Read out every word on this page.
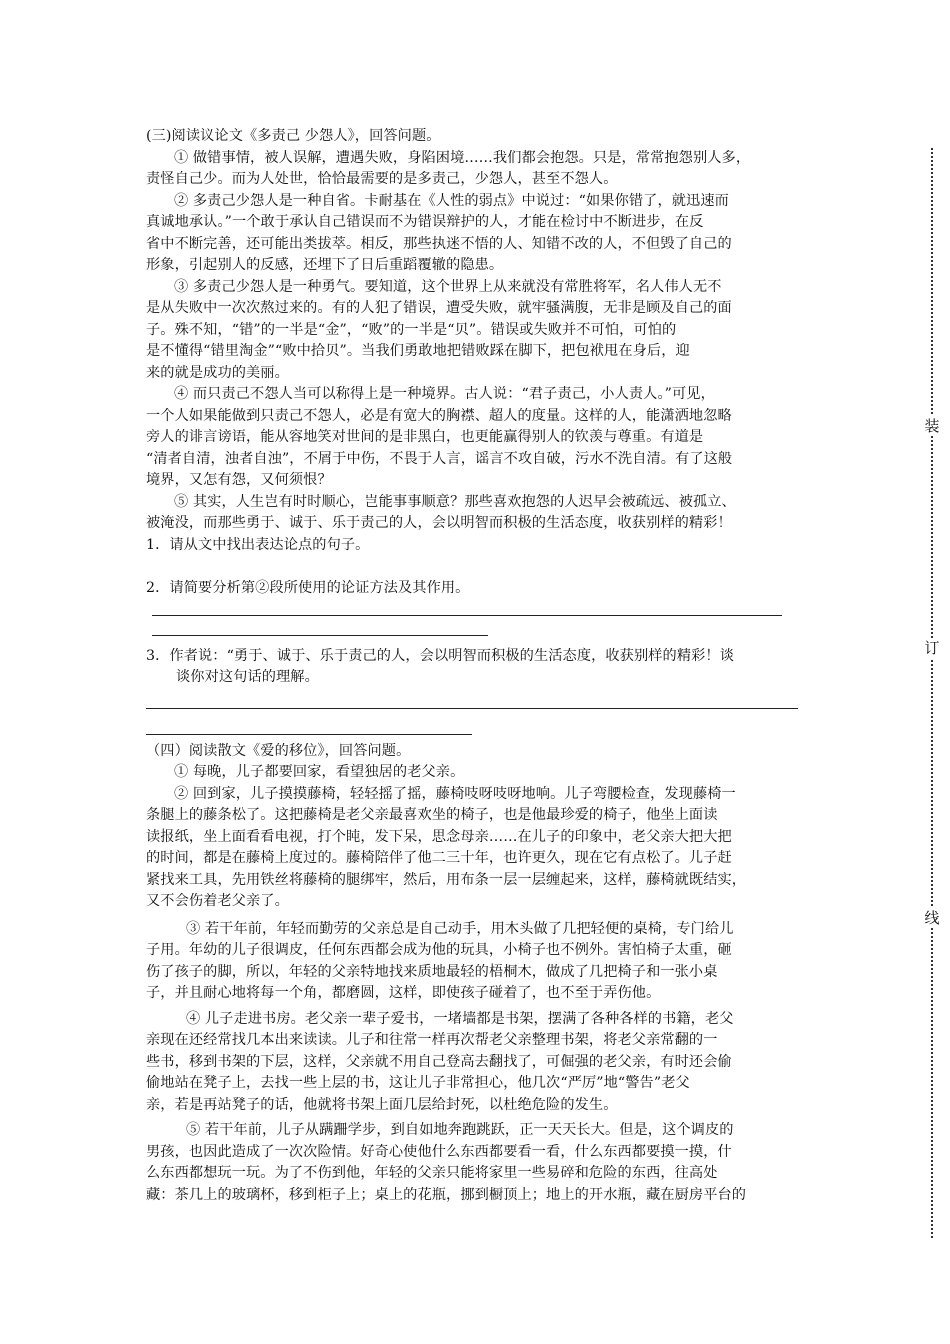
(三)阅读议论文《多责己 少怨人》，回答问题。
① 做错事情，被人误解，遭遇失败，身陷困境……我们都会抱怨。只是，常常抱怨别人多，
责怪自己少。而为人处世，恰恰最需要的是多责己，少怨人，甚至不怨人。
② 多责己少怨人是一种自省。卡耐基在《人性的弱点》中说过：“如果你错了，就迅速而
真诚地承认。”一个敢于承认自己错误而不为错误辩护的人，才能在检讨中不断进步，在反
省中不断完善，还可能出类拔萃。相反，那些执迷不悟的人、知错不改的人，不但毁了自己的
形象，引起别人的反感，还埋下了日后重蹈覆辙的隐患。
③ 多责己少怨人是一种勇气。要知道，这个世界上从来就没有常胜将军，名人伟人无不
是从失败中一次次熬过来的。有的人犯了错误，遭受失败，就牢骚满腹，无非是顾及自己的面
子。殊不知，“错”的一半是“金”，“败”的一半是“贝”。错误或失败并不可怕，可怕的
是不懂得“错里淘金”“败中拾贝”。当我们勇敢地把错败踩在脚下，把包袱甩在身后，迎
来的就是成功的美丽。
④ 而只责己不怨人当可以称得上是一种境界。古人说：“君子责己，小人责人。”可见，
一个人如果能做到只责己不怨人，必是有宽大的胸襟、超人的度量。这样的人，能潇洒地忽略
旁人的诽言谤语，能从容地笑对世间的是非黑白，也更能赢得别人的钦羡与尊重。有道是
“清者自清，浊者自浊”，不屑于中伤，不畏于人言，谣言不攻自破，污水不洗自清。有了这般
境界，又怎有怨，又何须恨？
⑤ 其实，人生岂有时时顺心，岂能事事顺意？那些喜欢抱怨的人迟早会被疏远、被孤立、
被淹没，而那些勇于、诚于、乐于责己的人，会以明智而积极的生活态度，收获别样的精彩！
1．请从文中找出表达论点的句子。
2．请简要分析第②段所使用的论证方法及其作用。
3．作者说：“勇于、诚于、乐于责己的人，会以明智而积极的生活态度，收获别样的精彩！谈
谈你对这句话的理解。
（四）阅读散文《爱的移位》，回答问题。
① 每晚，儿子都要回家，看望独居的老父亲。
② 回到家，儿子摸摸藤椅，轻轻摇了摇，藤椅吱呀吱呀地响。儿子弯腰检查，发现藤椅一
条腿上的藤条松了。这把藤椅是老父亲最喜欢坐的椅子，也是他最珍爱的椅子，他坐上面读
读报纸，坐上面看看电视，打个盹，发下呆，思念母亲……在儿子的印象中，老父亲大把大把
的时间，都是在藤椅上度过的。藤椅陪伴了他二三十年，也许更久，现在它有点松了。儿子赶
紧找来工具，先用铁丝将藤椅的腿绑牢，然后，用布条一层一层缠起来，这样，藤椅就既结实，
又不会伤着老父亲了。
③ 若干年前，年轻而勤劳的父亲总是自己动手，用木头做了几把轻便的桌椅，专门给儿
子用。年幼的儿子很调皮，任何东西都会成为他的玩具，小椅子也不例外。害怕椅子太重，砸
伤了孩子的脚，所以，年轻的父亲特地找来质地最轻的梧桐木，做成了几把椅子和一张小桌
子，并且耐心地将每一个角，都磨圆，这样，即使孩子碰着了，也不至于弄伤他。
④ 儿子走进书房。老父亲一辈子爱书，一堵墙都是书架，摆满了各种各样的书籍，老父
亲现在还经常找几本出来读读。儿子和往常一样再次帮老父亲整理书架，将老父亲常翻的一
些书，移到书架的下层，这样，父亲就不用自己登高去翻找了，可倔强的老父亲，有时还会偷
偷地站在凳子上，去找一些上层的书，这让儿子非常担心，他几次“严厉”地“警告”老父
亲，若是再站凳子的话，他就将书架上面几层给封死，以杜绝危险的发生。
⑤ 若干年前，儿子从蹒跚学步，到自如地奔跑跳跃，正一天天长大。但是，这个调皮的
男孩，也因此造成了一次次险情。好奇心使他什么东西都要看一看，什么东西都要摸一摸，什
么东西都想玩一玩。为了不伤到他，年轻的父亲只能将家里一些易碎和危险的东西，往高处
藏：茶几上的玻璃杯，移到柜子上；桌上的花瓶，挪到橱顶上；地上的开水瓶，藏在厨房平台的
装
订
线
